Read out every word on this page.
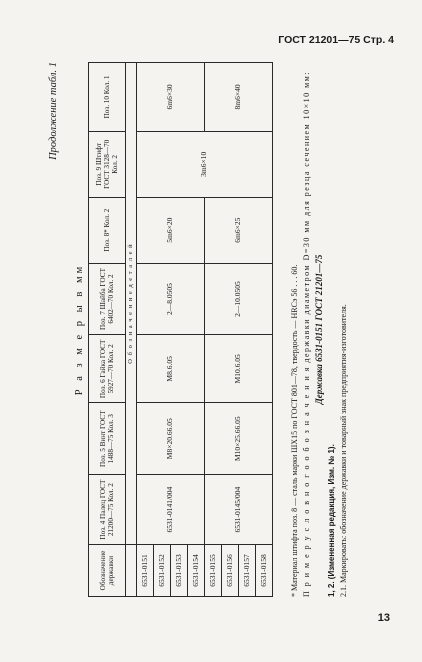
ГОСТ 21201—75 Стр. 4
Продолжение табл. 1
Р а з м е р ы в мм
Обозначение державки	Поз. 4 Палец ГОСТ 21200—75 Кол. 2	Поз. 5 Винт ГОСТ 1488—75 Кол. 3	Поз. 6 Гайка ГОСТ 5927—70 Кол. 2	Поз. 7 Шайба ГОСТ 6402—70 Кол. 2	Поз. 8* Кол. 2	Поз. 9 Штифт ГОСТ 3128—70 Кол. 2	Поз. 10 Кол. 1
	О б о з н а ч е н и е д е т а л е й						
6531-0151	6531-0141/004	M8×20.66.05	M8.6.05	2—8.0505	5m6×20	3m6×10	6m6×30
6531-0152							
6531-0153							
6531-0154							
6531-0155	6531-0145/004	M10×25.66.05	M10.6.05	2—10.0505	6m6×25		8m6×40
6531-0156							
6531-0157							
6531-0158								* Материал штифта поз. 8 — сталь марки ШХ15 по ГОСТ 801—78, твердость — HRCэ 56 . . . 60. П р и м е р у с л о в н о г о о б о з н а ч е н и я державки диаметром D=30 мм для резца сечением 10×10 мм: Державка 6531-0151 ГОСТ 21201—75

1, 2. (Измененная редакция, Изм. № 1). 2.1. Маркировать: обозначение державки и товарный знак предприятия-изготовителя.

13
